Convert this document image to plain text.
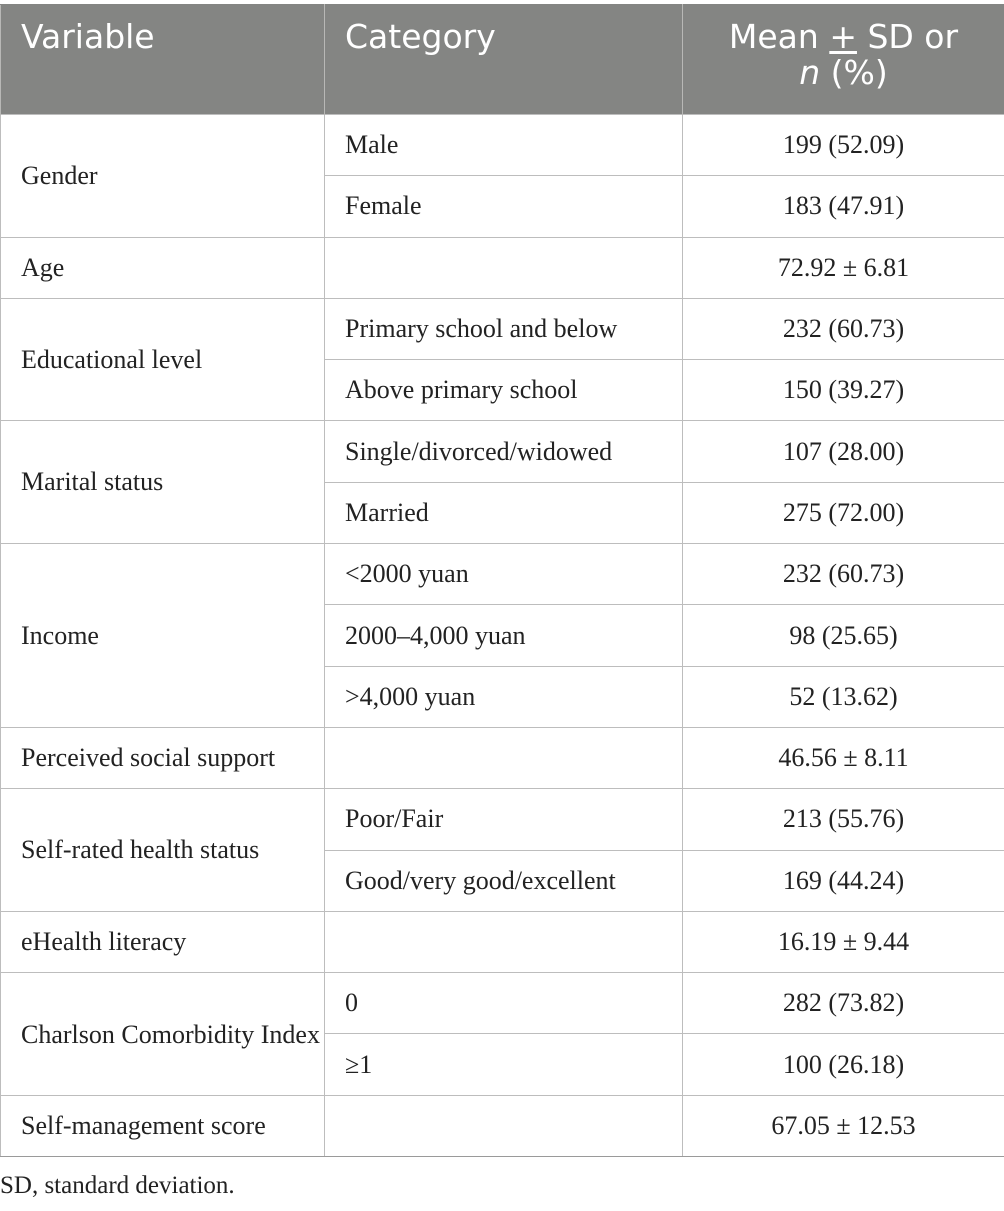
Variable	Category	Mean + SD or
n (%)
Gender	Male	199 (52.09)
	Female	183 (47.91)
Age		72.92 ± 6.81
Educational level	Primary school and below	232 (60.73)
	Above primary school	150 (39.27)
Marital status	Single/divorced/widowed	107 (28.00)
	Married	275 (72.00)
Income	<2000 yuan	232 (60.73)
	2000–4,000 yuan	98 (25.65)
	>4,000 yuan	52 (13.62)
Perceived social support		46.56 ± 8.11
Self-rated health status	Poor/Fair	213 (55.76)
	Good/very good/excellent	169 (44.24)
eHealth literacy		16.19 ± 9.44
Charlson Comorbidity Index	0	282 (73.82)
	≥1	100 (26.18)
Self-management score		67.05 ± 12.53

SD, standard deviation.
